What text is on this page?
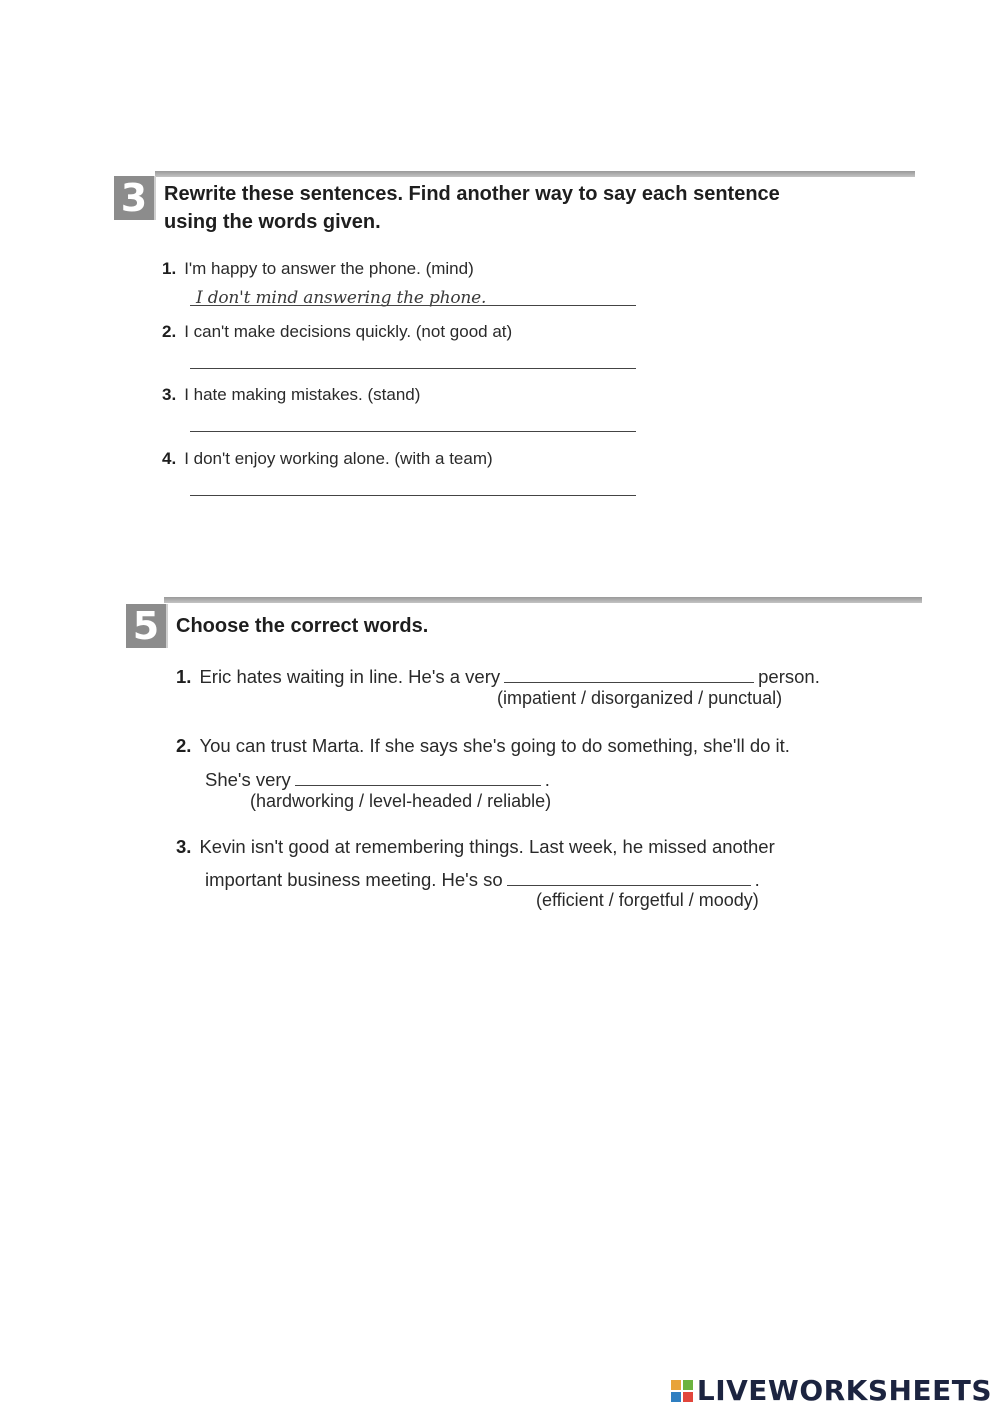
3 Rewrite these sentences. Find another way to say each sentence
using the words given.
1. I'm happy to answer the phone. (mind)
I don't mind answering the phone.
2. I can't make decisions quickly. (not good at)
3. I hate making mistakes. (stand)
4. I don't enjoy working alone. (with a team)
5 Choose the correct words.
1. Eric hates waiting in line. He's a very	person.
(impatient / disorganized / punctual)
2. You can trust Marta. If she says she's going to do something, she'll do it.
She's very	.
(hardworking / level-headed / reliable)
3. Kevin isn't good at remembering things. Last week, he missed another
important business meeting. He's so	.
(efficient / forgetful / moody)
LIVEWORKSHEETS
